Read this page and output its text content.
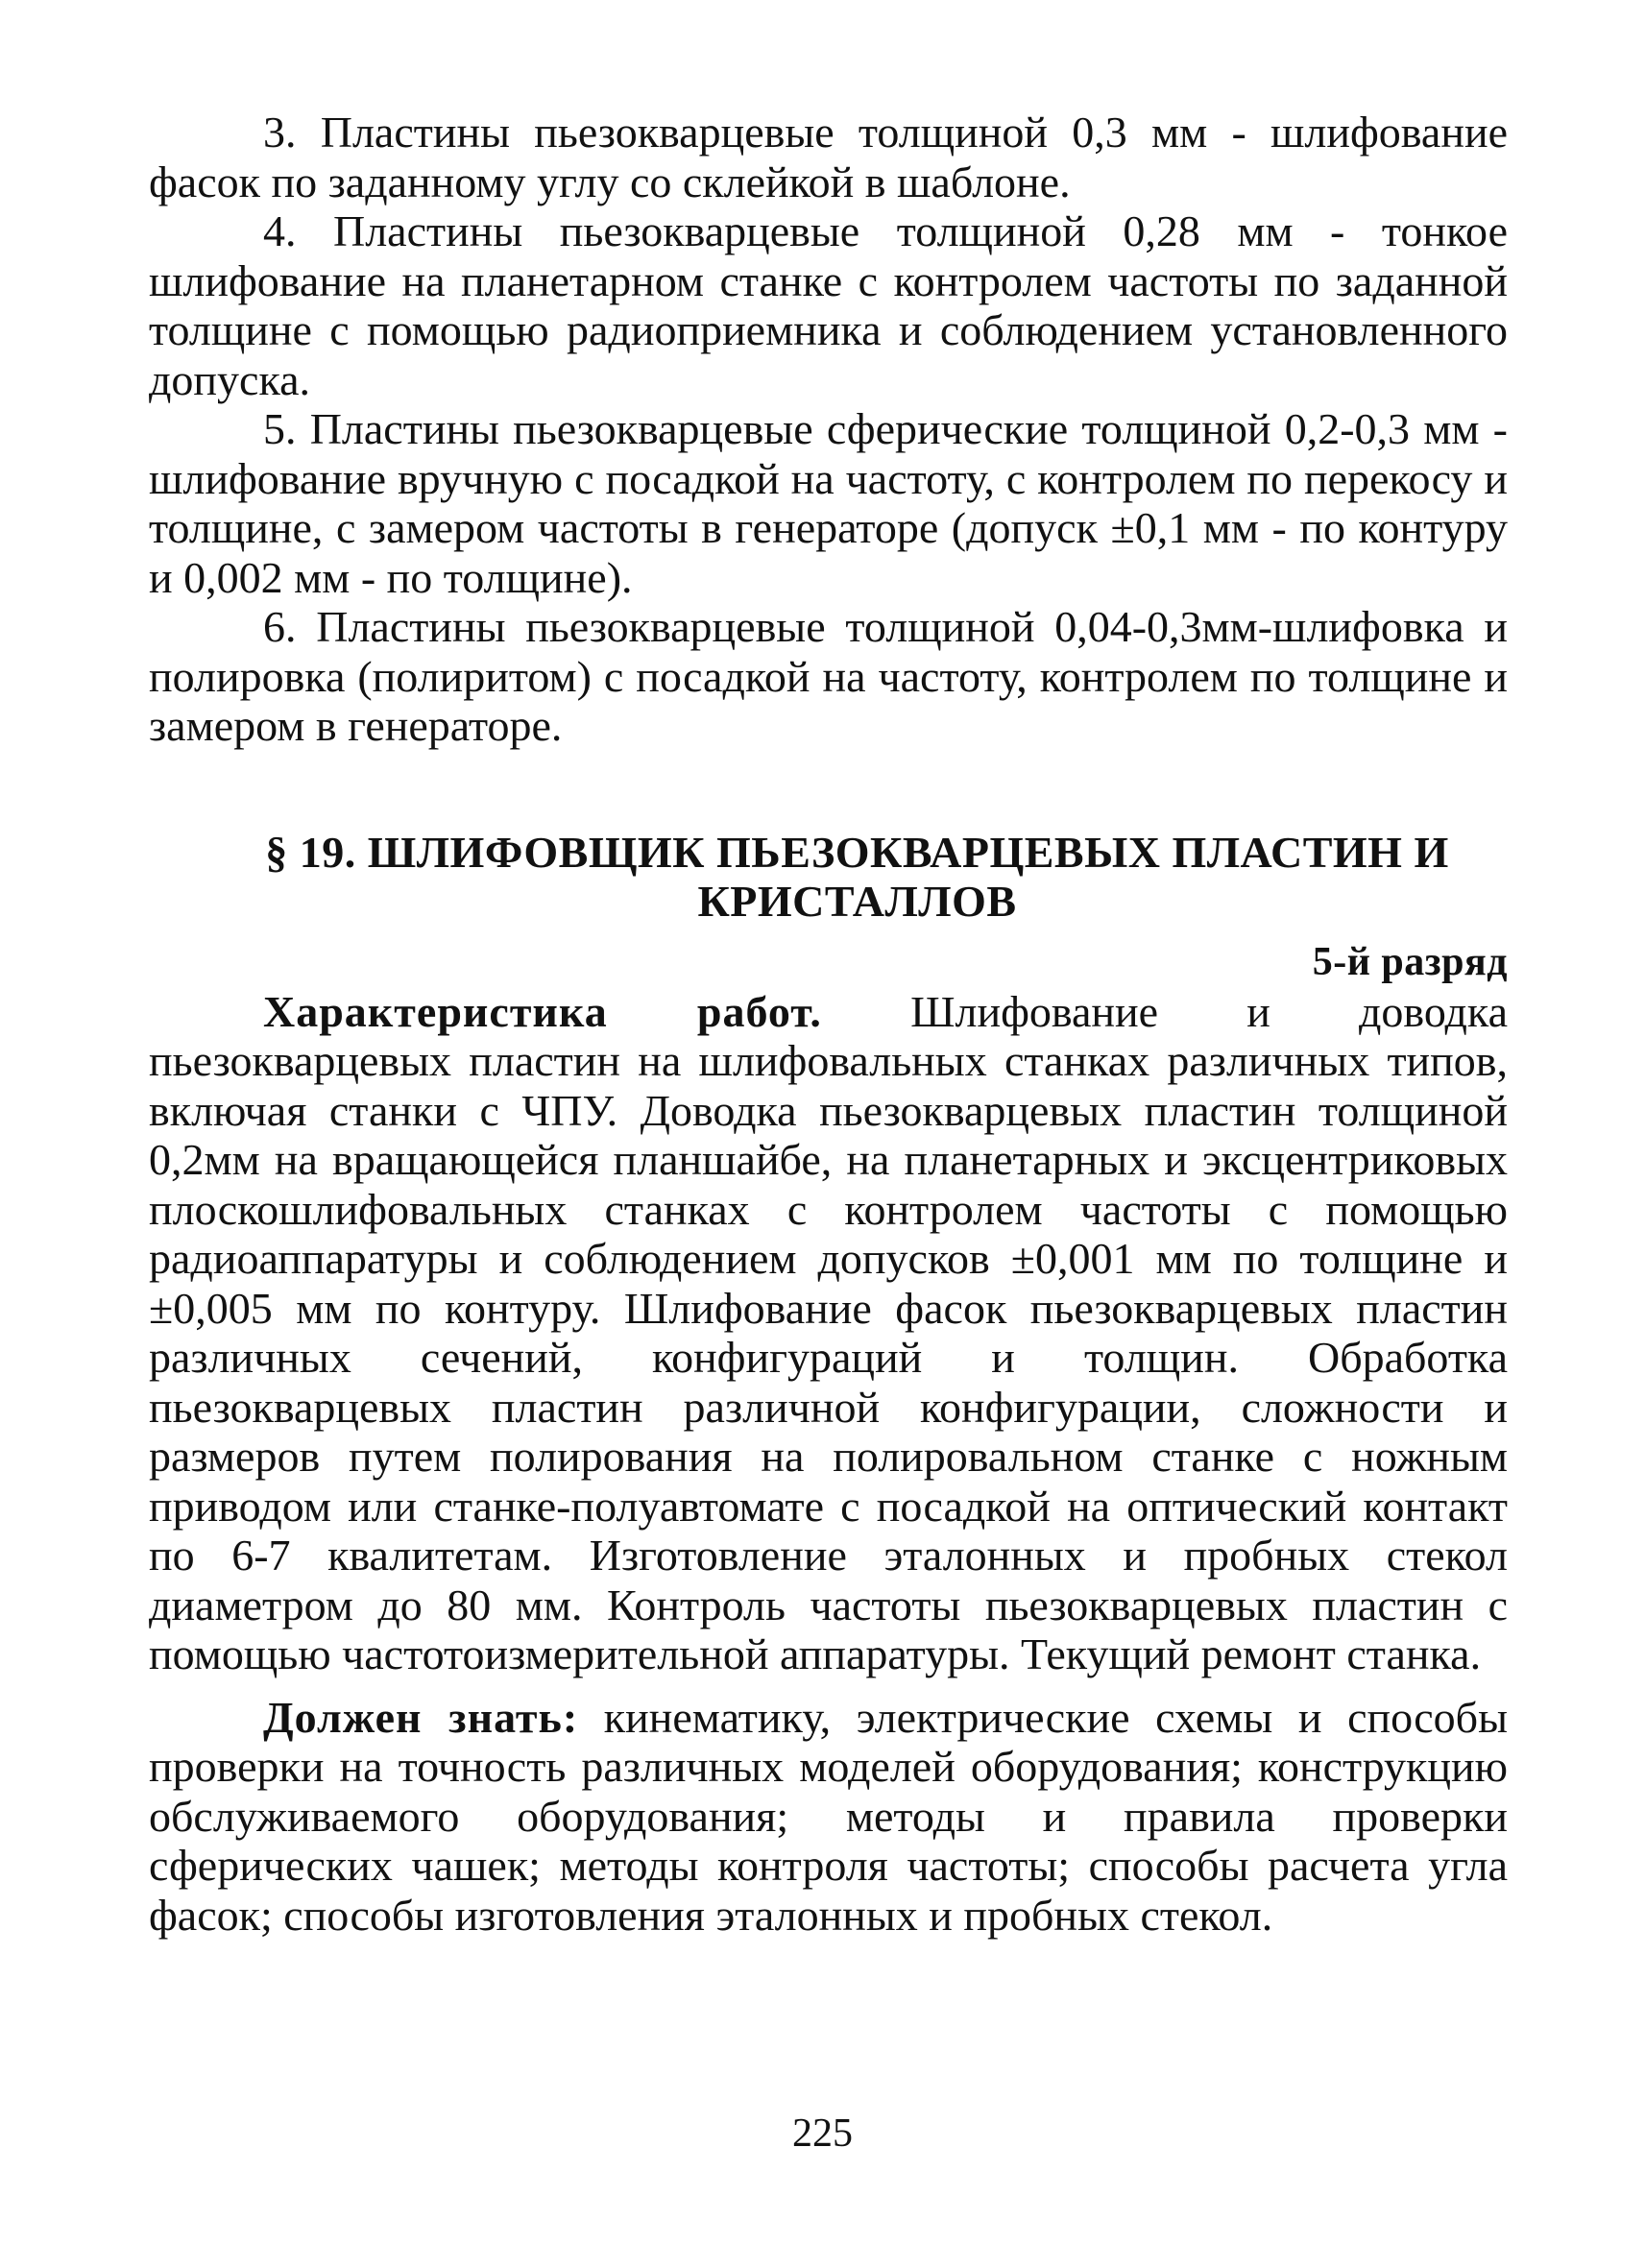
3. Пластины пьезокварцевые толщиной 0,3 мм - шлифование фасок по заданному углу со склейкой в шаблоне.

4. Пластины пьезокварцевые толщиной 0,28 мм - тонкое шлифование на планетарном станке с контролем частоты по заданной толщине с помощью радиоприемника и соблюдением установленного допуска.

5. Пластины пьезокварцевые сферические толщиной 0,2-0,3 мм - шлифование вручную с посадкой на частоту, с контролем по перекосу и толщине, с замером частоты в генераторе (допуск ±0,1 мм - по контуру и 0,002 мм - по толщине).

6. Пластины пьезокварцевые толщиной 0,04-0,3мм-шлифовка и полировка (полиритом) с посадкой на частоту, контролем по толщине и замером в генераторе.

§ 19. ШЛИФОВЩИК ПЬЕЗОКВАРЦЕВЫХ ПЛАСТИН И КРИСТАЛЛОВ
5-й разряд

Характеристика работ. Шлифование и доводка пьезокварцевых пластин на шлифовальных станках различных типов, включая станки с ЧПУ. Доводка пьезокварцевых пластин толщиной 0,2мм на вращающейся планшайбе, на планетарных и эксцентриковых плоскошлифовальных станках с контролем частоты с помощью радиоаппаратуры и соблюдением допусков ±0,001 мм по толщине и ±0,005 мм по контуру. Шлифование фасок пьезокварцевых пластин различных сечений, конфигураций и толщин. Обработка пьезокварцевых пластин различной конфигурации, сложности и размеров путем полирования на полировальном станке с ножным приводом или станке-полуавтомате с посадкой на оптический контакт по 6-7 квалитетам. Изготовление эталонных и пробных стекол диаметром до 80 мм. Контроль частоты пьезокварцевых пластин с помощью частотоизмерительной аппаратуры. Текущий ремонт станка.

Должен знать: кинематику, электрические схемы и способы проверки на точность различных моделей оборудования; конструкцию обслуживаемого оборудования; методы и правила проверки сферических чашек; методы контроля частоты; способы расчета угла фасок; способы изготовления эталонных и пробных стекол.

225
